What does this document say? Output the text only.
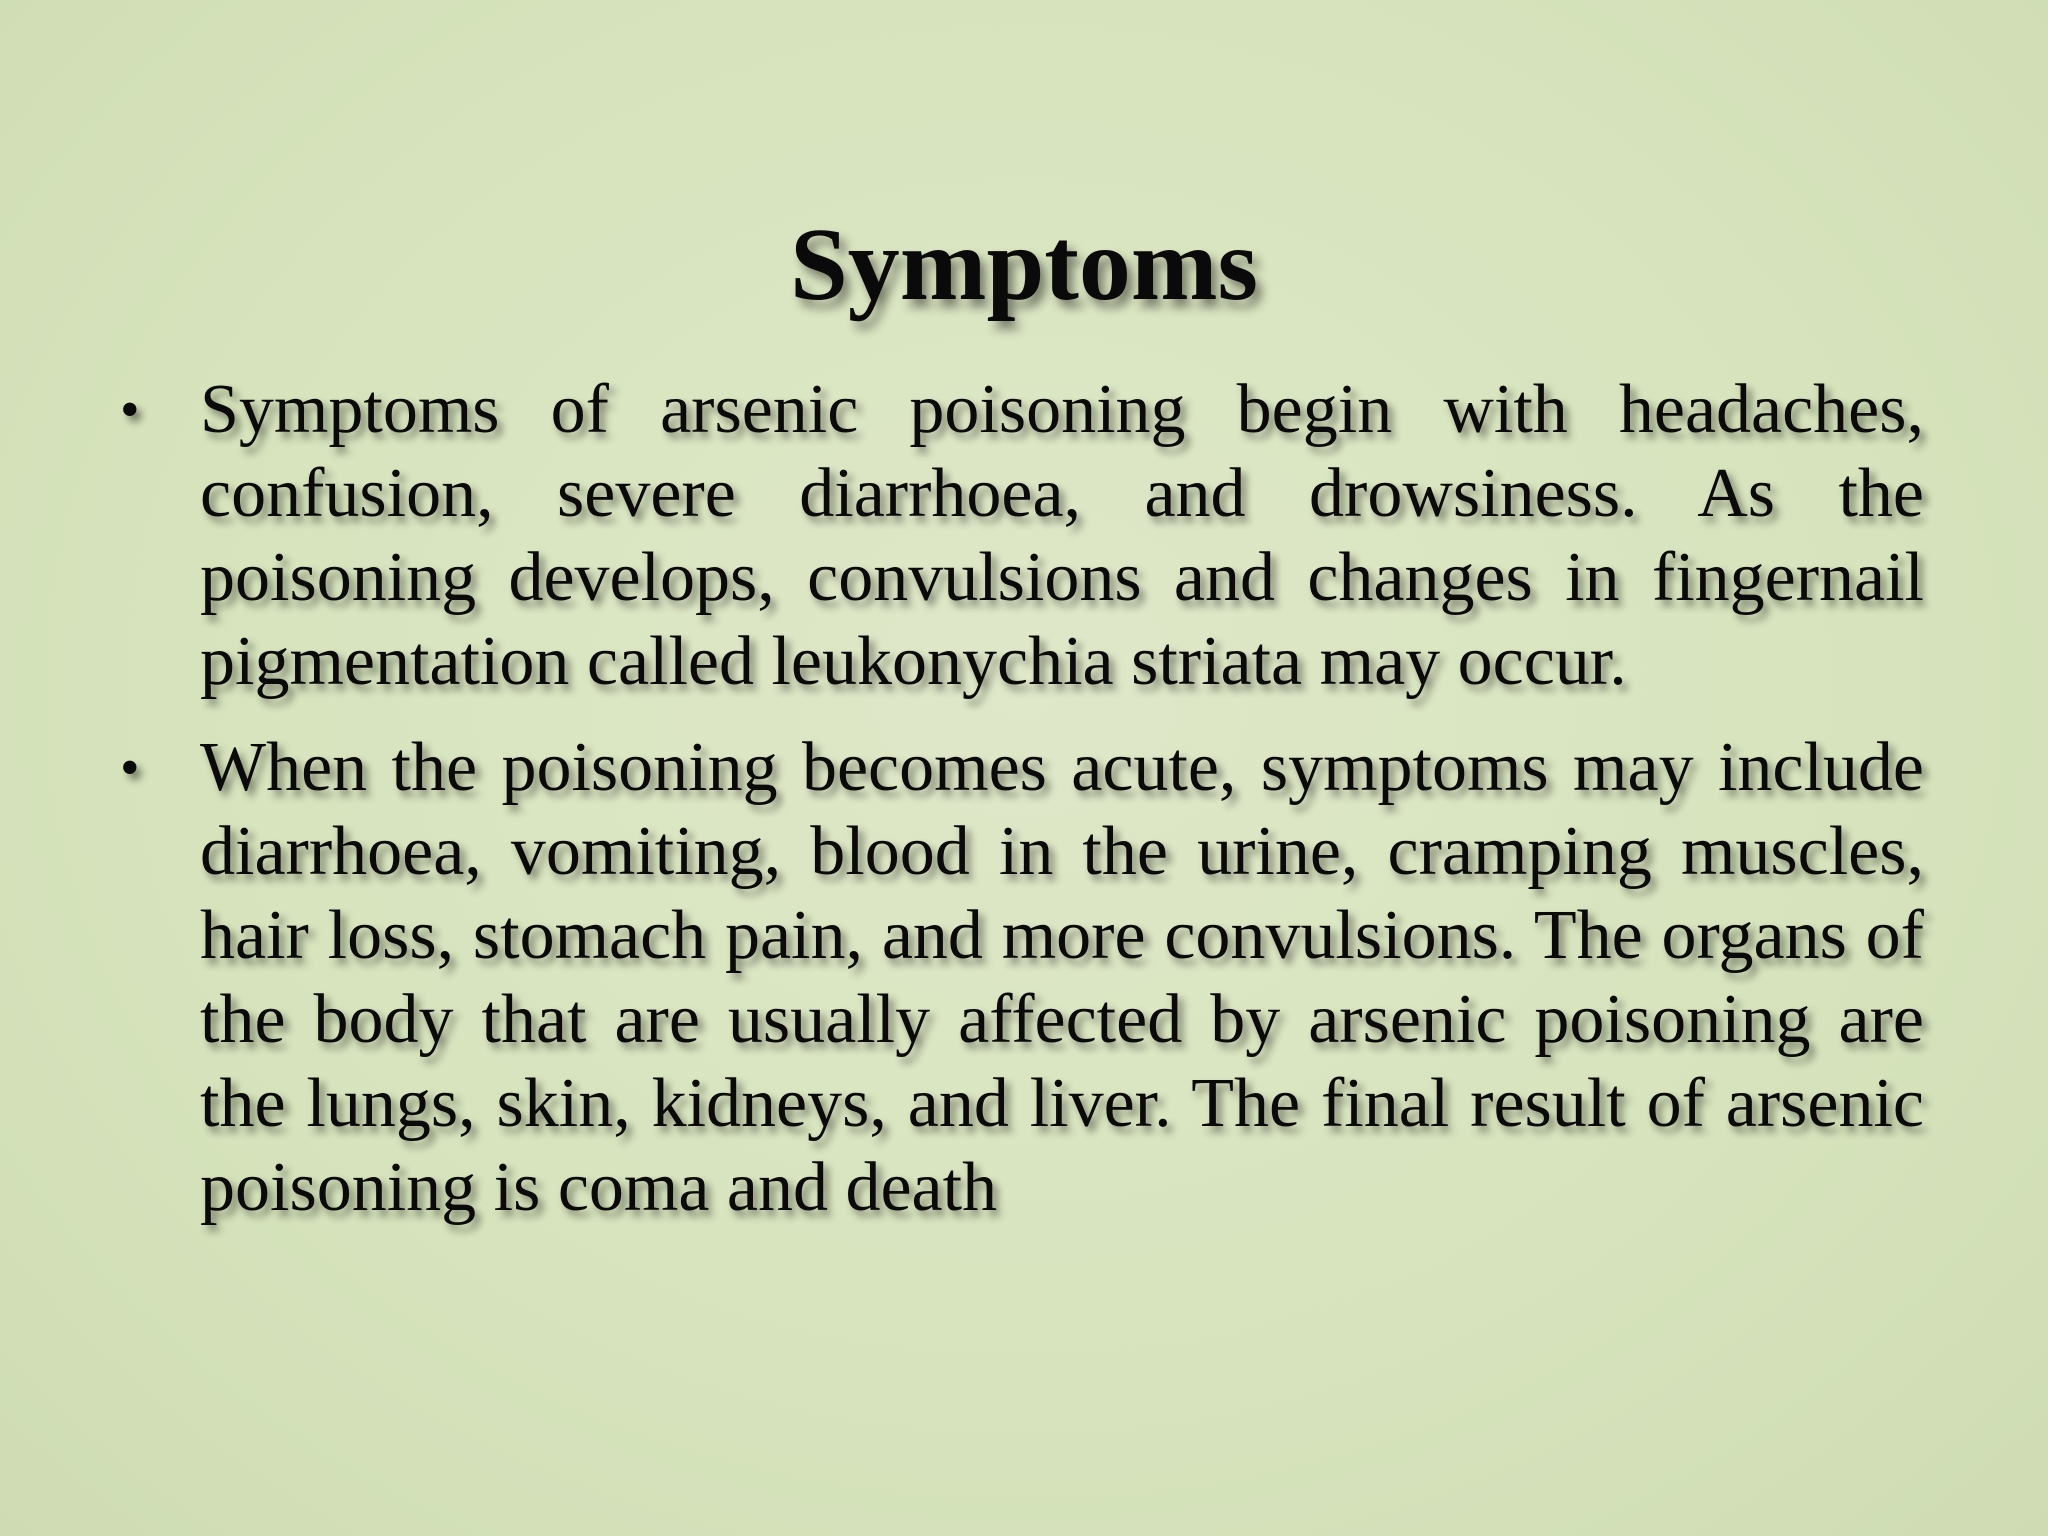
Symptoms
• Symptoms of arsenic poisoning begin with headaches, confusion, severe diarrhoea, and drowsiness. As the poisoning develops, convulsions and changes in fingernail pigmentation called leukonychia striata may occur.
• When the poisoning becomes acute, symptoms may include diarrhoea, vomiting, blood in the urine, cramping muscles, hair loss, stomach pain, and more convulsions. The organs of the body that are usually affected by arsenic poisoning are the lungs, skin, kidneys, and liver. The final result of arsenic poisoning is coma and death
